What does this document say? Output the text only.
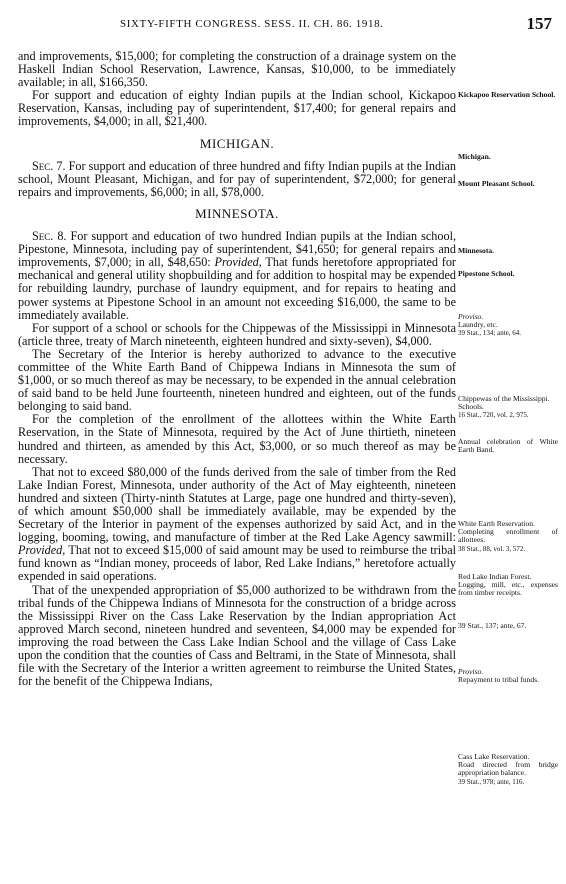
SIXTY-FIFTH CONGRESS. SESS. II. CH. 86. 1918.	157

and improvements, $15,000; for completing the construction of a drainage system on the Haskell Indian School Reservation, Lawrence, Kansas, $10,000, to be immediately available; in all, $166,350.

For support and education of eighty Indian pupils at the Indian school, Kickapoo Reservation, Kansas, including pay of superintendent, $17,400; for general repairs and improvements, $4,000; in all, $21,400.

MICHIGAN.

Sec. 7. For support and education of three hundred and fifty Indian pupils at the Indian school, Mount Pleasant, Michigan, and for pay of superintendent, $72,000; for general repairs and improvements, $6,000; in all, $78,000.

MINNESOTA.

Sec. 8. For support and education of two hundred Indian pupils at the Indian school, Pipestone, Minnesota, including pay of superintendent, $41,650; for general repairs and improvements, $7,000; in all, $48,650: Provided, That funds heretofore appropriated for mechanical and general utility shopbuilding and for addition to hospital may be expended for rebuilding laundry, purchase of laundry equipment, and for repairs to heating and power systems at Pipestone School in an amount not exceeding $16,000, the same to be immediately available.

For support of a school or schools for the Chippewas of the Mississippi in Minnesota (article three, treaty of March nineteenth, eighteen hundred and sixty-seven), $4,000.

The Secretary of the Interior is hereby authorized to advance to the executive committee of the White Earth Band of Chippewa Indians in Minnesota the sum of $1,000, or so much thereof as may be necessary, to be expended in the annual celebration of said band to be held June fourteenth, nineteen hundred and eighteen, out of the funds belonging to said band.

For the completion of the enrollment of the allottees within the White Earth Reservation, in the State of Minnesota, required by the Act of June thirtieth, nineteen hundred and thirteen, as amended by this Act, $3,000, or so much thereof as may be necessary.

That not to exceed $80,000 of the funds derived from the sale of timber from the Red Lake Indian Forest, Minnesota, under authority of the Act of May eighteenth, nineteen hundred and sixteen (Thirty-ninth Statutes at Large, page one hundred and thirty-seven), of which amount $50,000 shall be immediately available, may be expended by the Secretary of the Interior in payment of the expenses authorized by said Act, and in the logging, booming, towing, and manufacture of timber at the Red Lake Agency sawmill: Provided, That not to exceed $15,000 of said amount may be used to reimburse the tribal fund known as “Indian money, proceeds of labor, Red Lake Indians,” heretofore actually expended in said operations.

That of the unexpended appropriation of $5,000 authorized to be withdrawn from the tribal funds of the Chippewa Indians of Minnesota for the construction of a bridge across the Mississippi River on the Cass Lake Reservation by the Indian appropriation Act approved March second, nineteen hundred and seventeen, $4,000 may be expended for improving the road between the Cass Lake Indian School and the village of Cass Lake upon the condition that the counties of Cass and Beltrami, in the State of Minnesota, shall file with the Secretary of the Interior a written agreement to reimburse the United States, for the benefit of the Chippewa Indians,

Kickapoo Reservation School.
Michigan.
Mount Pleasant School.
Minnesota.
Pipestone School.
Proviso.
Laundry, etc.
39 Stat., 134; ante, 64.
Chippewas of the Mississippi.
Schools.
16 Stat., 720, vol. 2, 975.
Annual celebration of White Earth Band.
White Earth Reservation.
Completing enrollment of allottees.
38 Stat., 88, vol. 3, 572.
Red Lake Indian Forest.
Logging, mill, etc., expenses from timber receipts.
39 Stat., 137; ante, 67.
Proviso.
Repayment to tribal funds.
Cass Lake Reservation.
Road directed from bridge appropriation balance.
39 Stat., 978; ante, 116.
